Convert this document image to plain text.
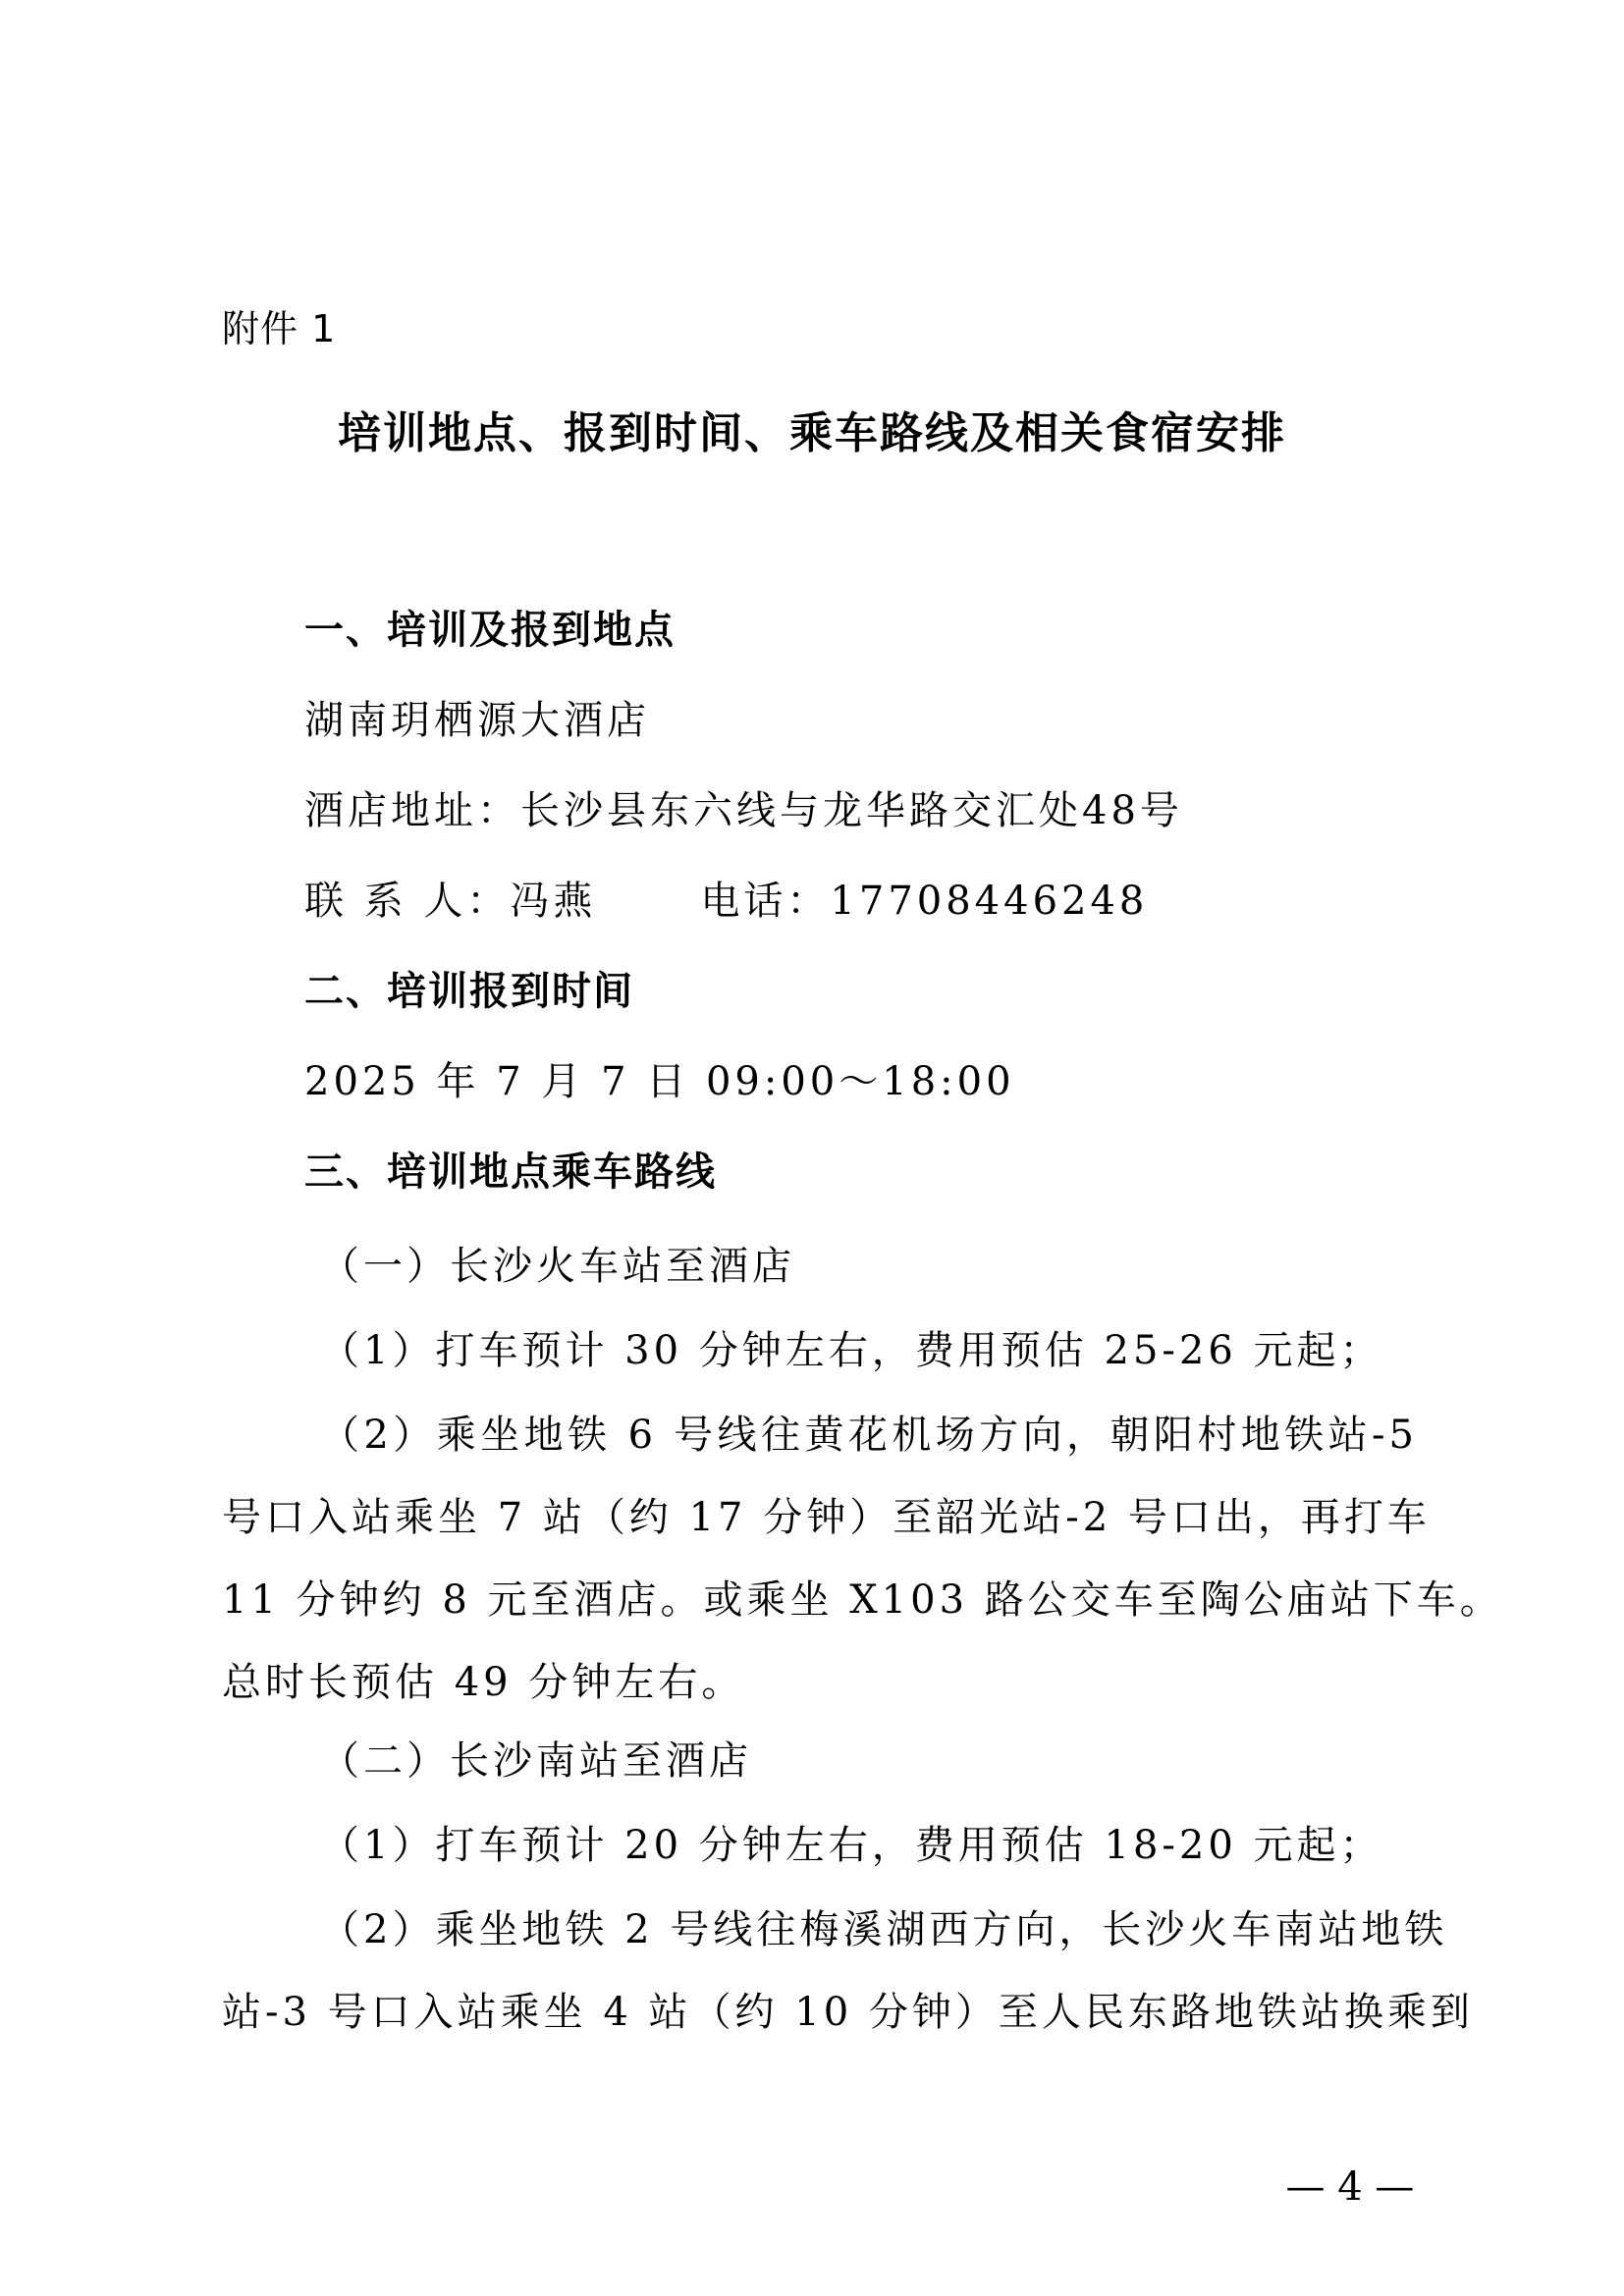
附件 1
培训地点、报到时间、乘车路线及相关食宿安排
一、培训及报到地点
湖南玥栖源大酒店
酒店地址：长沙县东六线与龙华路交汇处48号
联 系 人：冯燕	电话：17708446248
二、培训报到时间
2025 年 7 月 7 日 09:00～18:00
三、培训地点乘车路线
（一）长沙火车站至酒店
（1）打车预计 30 分钟左右，费用预估 25-26 元起；
（2）乘坐地铁 6 号线往黄花机场方向，朝阳村地铁站-5
号口入站乘坐 7 站（约 17 分钟）至韶光站-2 号口出，再打车
11 分钟约 8 元至酒店。或乘坐 X103 路公交车至陶公庙站下车。
总时长预估 49 分钟左右。
（二）长沙南站至酒店
（1）打车预计 20 分钟左右，费用预估 18-20 元起；
（2）乘坐地铁 2 号线往梅溪湖西方向，长沙火车南站地铁
站-3 号口入站乘坐 4 站（约 10 分钟）至人民东路地铁站换乘到
— 4 —
